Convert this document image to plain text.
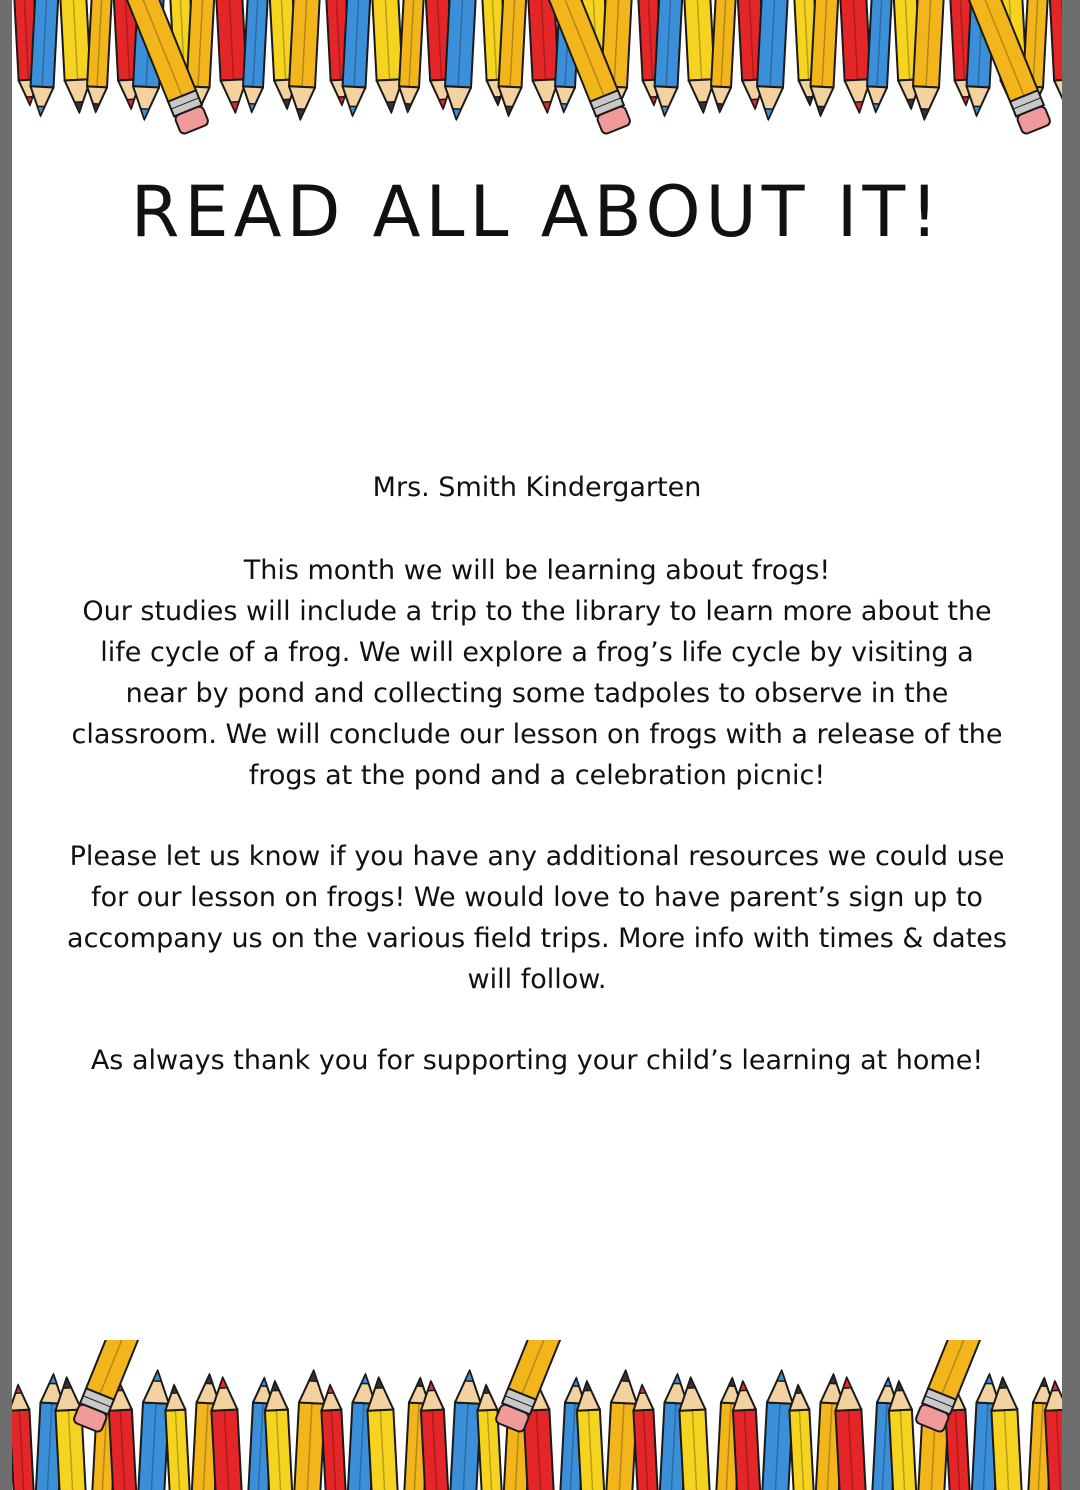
READ ALL ABOUT IT!

Mrs. Smith Kindergarten

This month we will be learning about frogs!
Our studies will include a trip to the library to learn more about the
life cycle of a frog. We will explore a frog’s life cycle by visiting a
near by pond and collecting some tadpoles to observe in the
classroom. We will conclude our lesson on frogs with a release of the
frogs at the pond and a celebration picnic!

Please let us know if you have any additional resources we could use
for our lesson on frogs! We would love to have parent’s sign up to
accompany us on the various field trips. More info with times & dates
will follow.

As always thank you for supporting your child’s learning at home!
